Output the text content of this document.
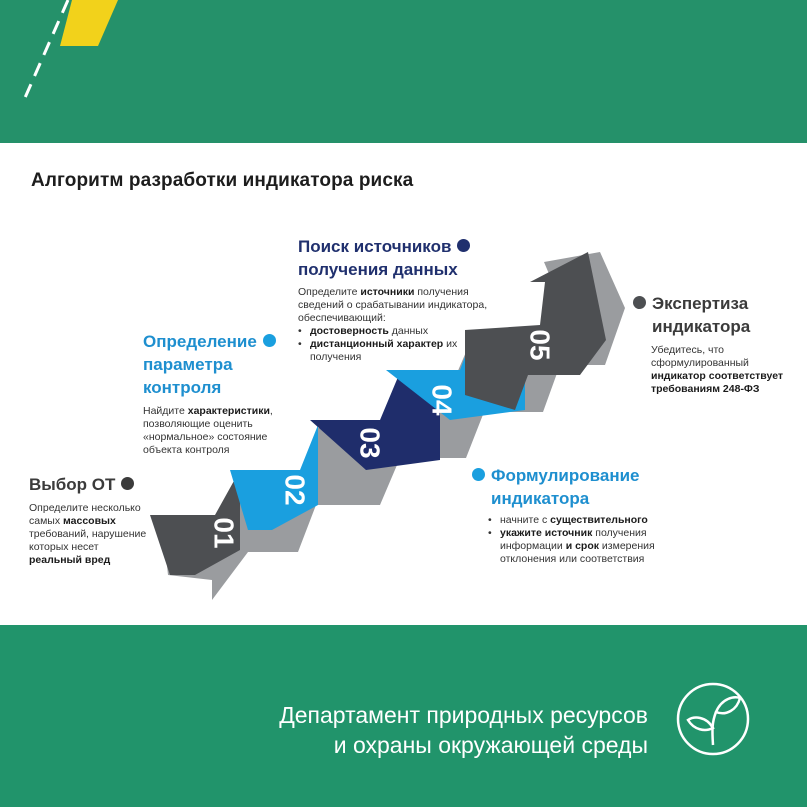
Алгоритм разработки индикатора риска
01
02
03
04
05
Выбор ОТ
Определите несколько
самых массовых
требований, нарушение
которых несет
реальный вред
Определение
параметра
контроля
Найдите характеристики,
позволяющие оценить
«нормальное» состояние
объекта контроля
Поиск источников
получения данных
Определите источники получения
сведений о срабатывании индикатора,
обеспечивающий:
• достоверность данных
• дистанционный характер их
получения
Формулирование
индикатора
• начните с существительного
• укажите источник получения
информации и срок измерения
отклонения или соответствия
Экспертиза
индикатора
Убедитесь, что
сформулированный
индикатор соответствует
требованиям 248-ФЗ
Департамент природных ресурсов
и охраны окружающей среды
